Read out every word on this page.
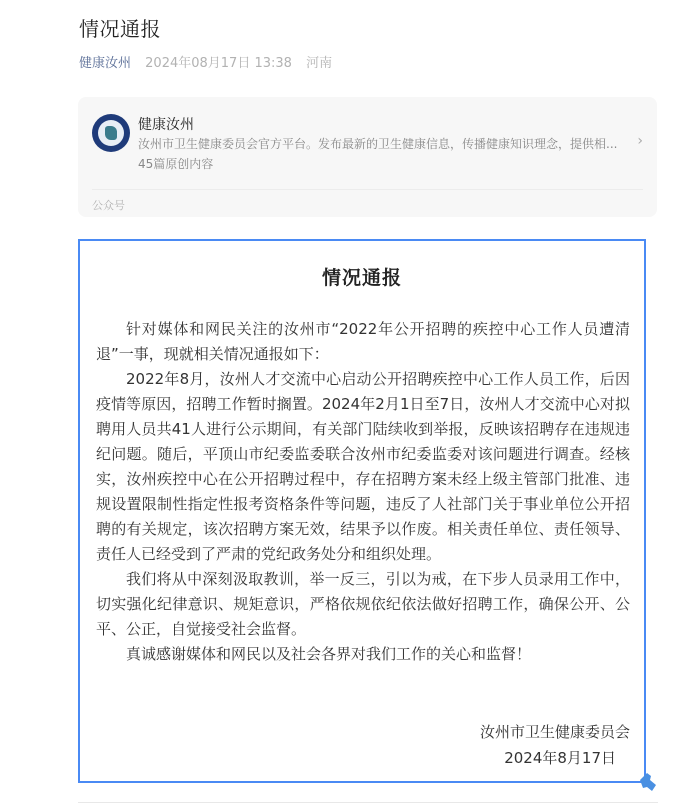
情况通报
健康汝州 2024年08月17日 13:38 河南
健康汝州
汝州市卫生健康委员会官方平台。发布最新的卫生健康信息，传播健康知识理念，提供相...
45篇原创内容
›
公众号
情况通报

针对媒体和网民关注的汝州市“2022年公开招聘的疾控中心工作人员遭清退”一事，现就相关情况通报如下：

2022年8月，汝州人才交流中心启动公开招聘疾控中心工作人员工作，后因疫情等原因，招聘工作暂时搁置。2024年2月1日至7日，汝州人才交流中心对拟聘用人员共41人进行公示期间，有关部门陆续收到举报，反映该招聘存在违规违纪问题。随后，平顶山市纪委监委联合汝州市纪委监委对该问题进行调查。经核实，汝州疾控中心在公开招聘过程中，存在招聘方案未经上级主管部门批准、违规设置限制性指定性报考资格条件等问题，违反了人社部门关于事业单位公开招聘的有关规定，该次招聘方案无效，结果予以作废。相关责任单位、责任领导、责任人已经受到了严肃的党纪政务处分和组织处理。

我们将从中深刻汲取教训，举一反三，引以为戒，在下步人员录用工作中，切实强化纪律意识、规矩意识，严格依规依纪依法做好招聘工作，确保公开、公平、公正，自觉接受社会监督。

真诚感谢媒体和网民以及社会各界对我们工作的关心和监督！

汝州市卫生健康委员会
2024年8月17日
